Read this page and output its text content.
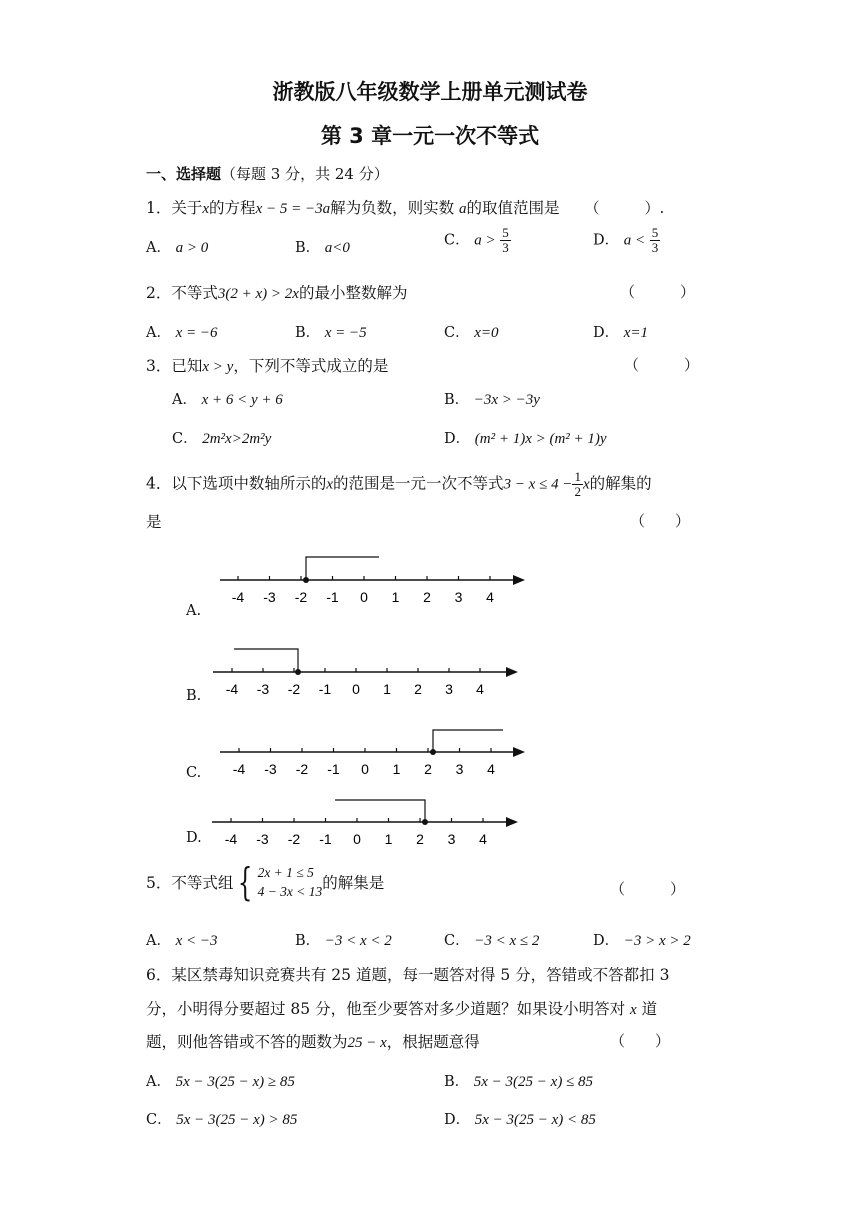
浙教版八年级数学上册单元测试卷
第 3 章一元一次不等式
一、选择题（每题 3 分，共 24 分）
1．关于x的方程x − 5 = −3a解为负数，则实数 a的取值范围是 （　　　）.
A． a > 0	B． a<0	C． $a > \frac{5}{3}$	D． $a < \frac{5}{3}$
2．不等式3(2 + x) > 2x的最小整数解为	（　　　）
A． x = −6	B． x = −5	C． x=0	D． x=1
3．已知x > y，下列不等式成立的是	（　　　）
A． x + 6 < y + 6	B． −3x > −3y
C． 2m²x>2m²y	D． (m² + 1)x > (m² + 1)y
4．以下选项中数轴所示的x的范围是一元一次不等式$3 - x \le 4 - \frac{1}{2}$ x的解集的
是	（　　）
-4 -3 -2 -1 0 1 2 3 4
A.
-4 -3 -2 -1 0 1 2 3 4
B.
-4 -3 -2 -1 0 1 2 3 4
C.
-4 -3 -2 -1 0 1 2 3 4
D.
5．不等式组 { 2x + 1 ≤ 5
4 − 3x < 13 的解集是	（　　　）
A． x < −3	B． −3 < x < 2	C． −3 < x ≤ 2	D． −3 > x > 2
6．某区禁毒知识竞赛共有 25 道题，每一题答对得 5 分，答错或不答都扣 3
分，小明得分要超过 85 分，他至少要答对多少道题？如果设小明答对 x 道
题，则他答错或不答的题数为25 − x，根据题意得	（　　）
A． 5x − 3(25 − x) ≥ 85	B． 5x − 3(25 − x) ≤ 85
C． 5x − 3(25 − x) > 85	D． 5x − 3(25 − x) < 85
